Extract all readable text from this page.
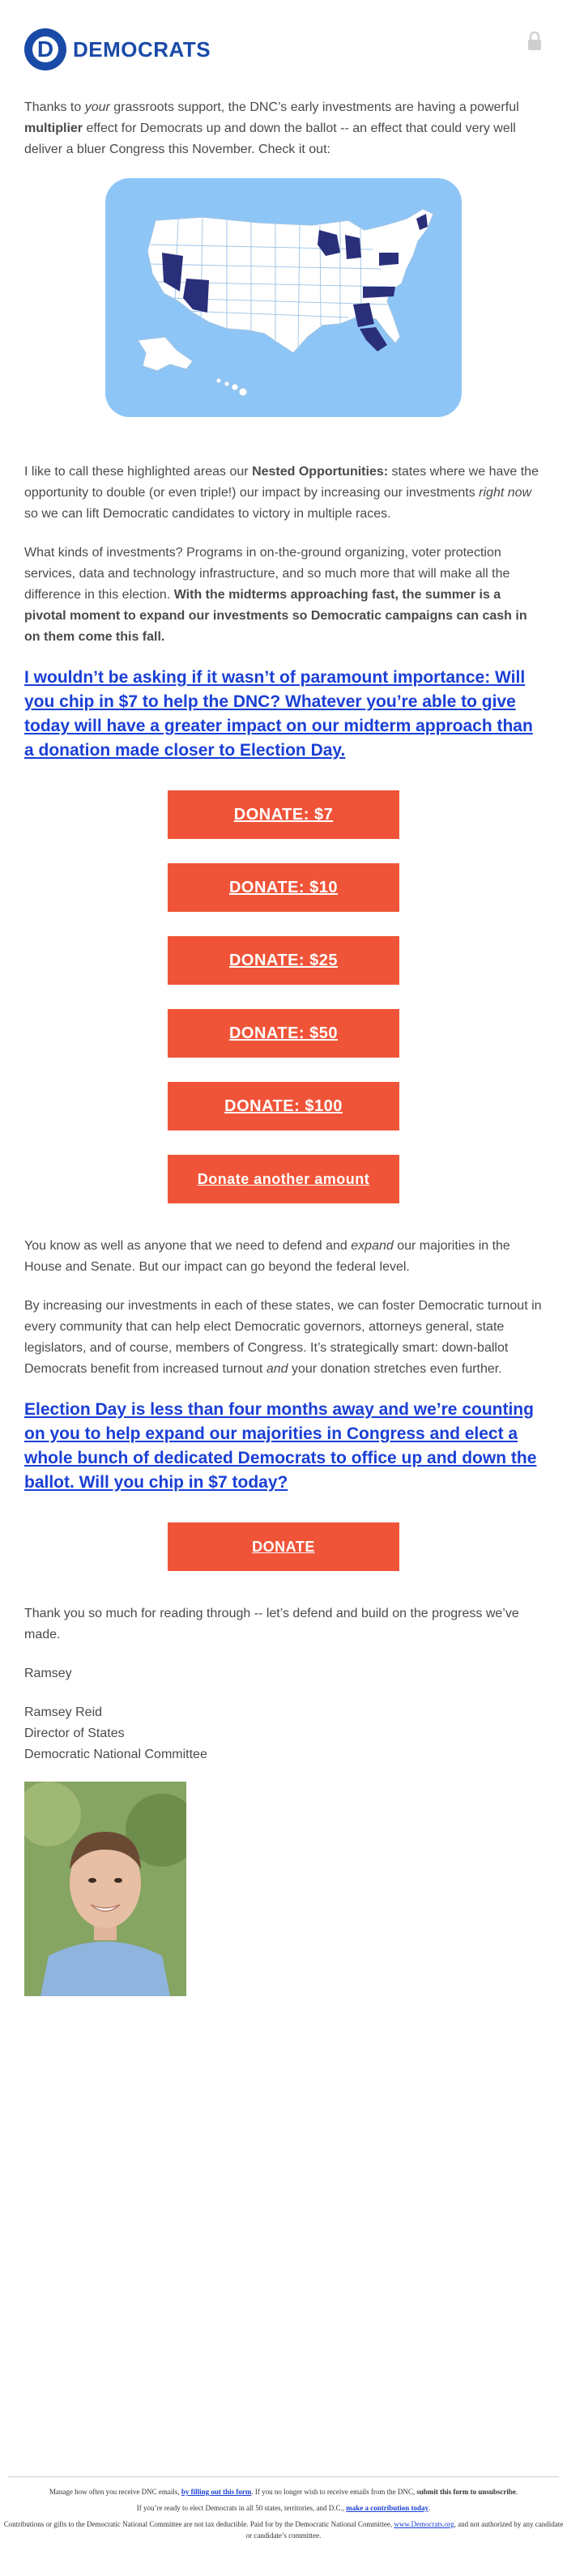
D DEMOCRATS

Thanks to your grassroots support, the DNC’s early investments are having a powerful multiplier effect for Democrats up and down the ballot -- an effect that could very well deliver a bluer Congress this November. Check it out:

I like to call these highlighted areas our Nested Opportunities: states where we have the opportunity to double (or even triple!) our impact by increasing our investments right now so we can lift Democratic candidates to victory in multiple races.

What kinds of investments? Programs in on-the-ground organizing, voter protection services, data and technology infrastructure, and so much more that will make all the difference in this election. With the midterms approaching fast, the summer is a pivotal moment to expand our investments so Democratic campaigns can cash in on them come this fall.

I wouldn’t be asking if it wasn’t of paramount importance: Will you chip in $7 to help the DNC? Whatever you’re able to give today will have a greater impact on our midterm approach than a donation made closer to Election Day.
DONATE: $7
DONATE: $10
DONATE: $25
DONATE: $50
DONATE: $100
Donate another amount

You know as well as anyone that we need to defend and expand our majorities in the House and Senate. But our impact can go beyond the federal level.

By increasing our investments in each of these states, we can foster Democratic turnout in every community that can help elect Democratic governors, attorneys general, state legislators, and of course, members of Congress. It’s strategically smart: down-ballot Democrats benefit from increased turnout and your donation stretches even further.

Election Day is less than four months away and we’re counting on you to help expand our majorities in Congress and elect a whole bunch of dedicated Democrats to office up and down the ballot. Will you chip in $7 today?
DONATE

Thank you so much for reading through -- let’s defend and build on the progress we’ve made.

Ramsey

Ramsey Reid
Director of States
Democratic National Committee

Manage how often you receive DNC emails, by filling out this form. If you no longer wish to receive emails from the DNC, submit this form to unsubscribe.

If you’re ready to elect Democrats in all 50 states, territories, and D.C., make a contribution today.

Contributions or gifts to the Democratic National Committee are not tax deductible. Paid for by the Democratic National Committee, www.Democrats.org, and not authorized by any candidate or candidate’s committee.
